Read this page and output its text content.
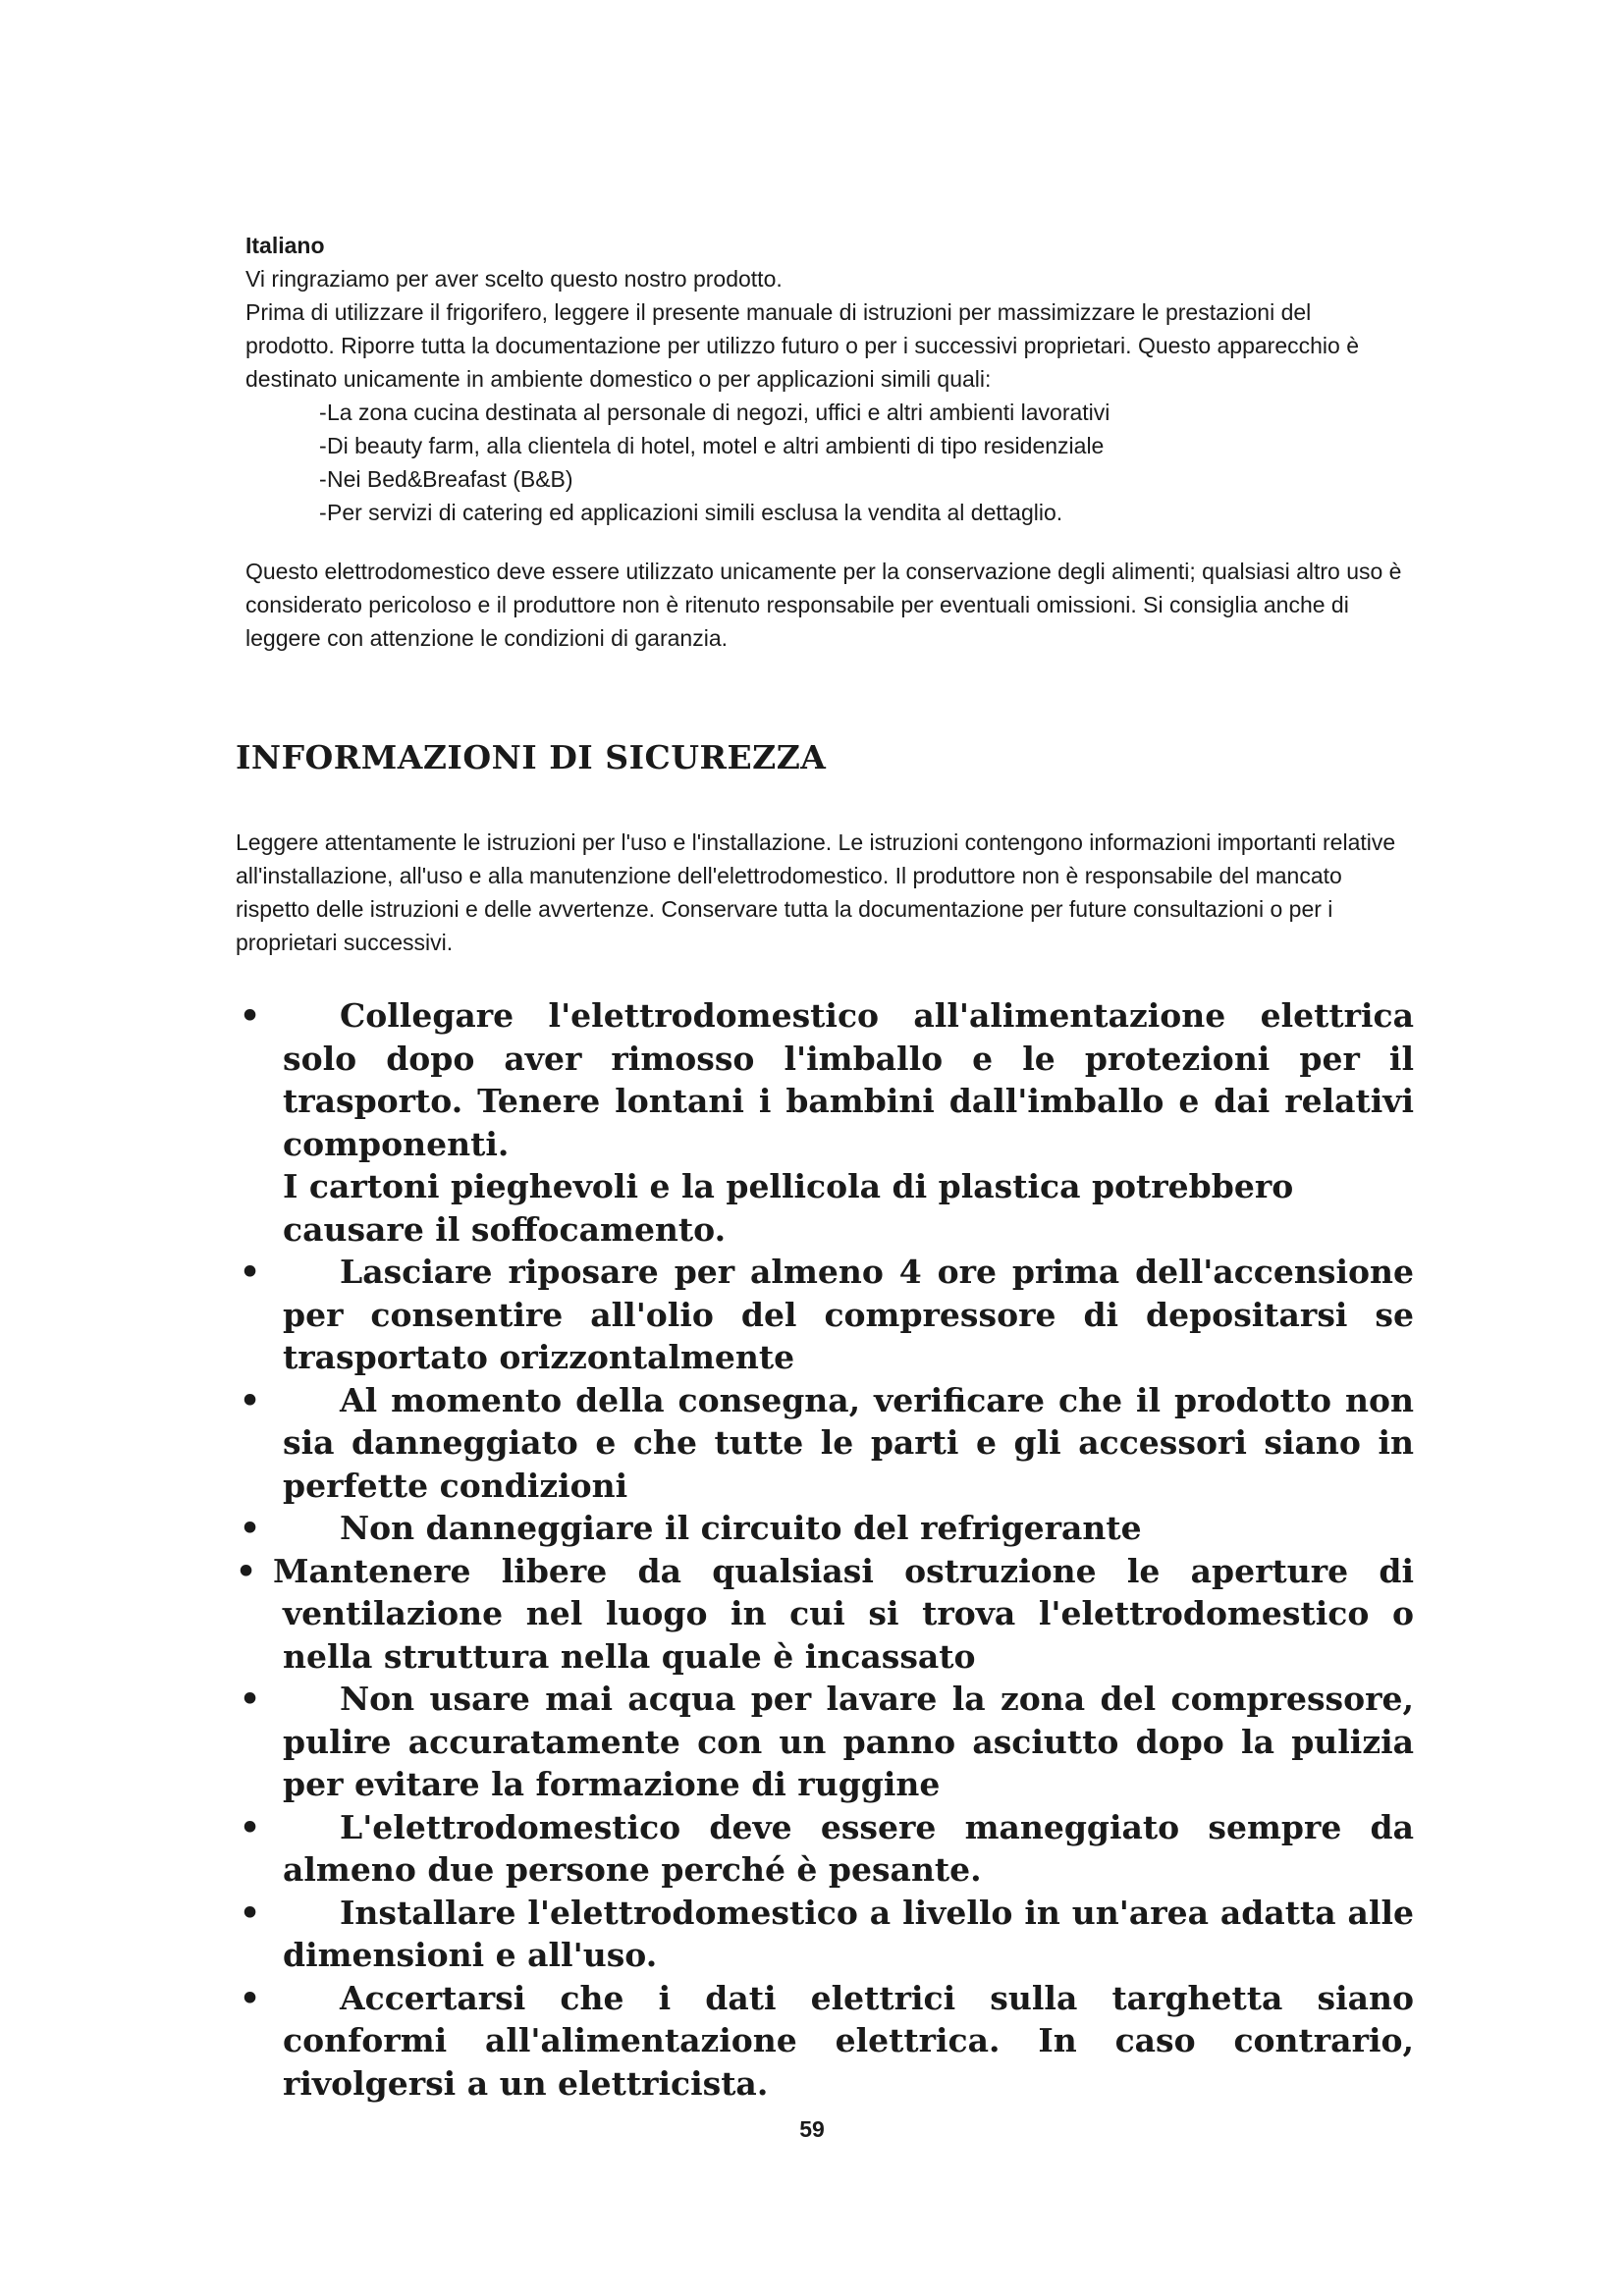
Italiano

Vi ringraziamo per aver scelto questo nostro prodotto.

Prima di utilizzare il frigorifero, leggere il presente manuale di istruzioni per massimizzare le prestazioni del prodotto. Riporre tutta la documentazione per utilizzo futuro o per i successivi proprietari. Questo apparecchio è destinato unicamente in ambiente domestico o per applicazioni simili quali:

-La zona cucina destinata al personale di negozi, uffici e altri ambienti lavorativi
-Di beauty farm, alla clientela di hotel, motel e altri ambienti di tipo residenziale
-Nei Bed&Breafast (B&B)
-Per servizi di catering ed applicazioni simili esclusa la vendita al dettaglio.

Questo elettrodomestico deve essere utilizzato unicamente per la conservazione degli alimenti; qualsiasi altro uso è considerato pericoloso e il produttore non è ritenuto responsabile per eventuali omissioni. Si consiglia anche di leggere con attenzione le condizioni di garanzia.

INFORMAZIONI DI SICUREZZA

Leggere attentamente le istruzioni per l'uso e l'installazione. Le istruzioni contengono informazioni importanti relative all'installazione, all'uso e alla manutenzione dell'elettrodomestico. Il produttore non è responsabile del mancato rispetto delle istruzioni e delle avvertenze. Conservare tutta la documentazione per future consultazioni o per i proprietari successivi.

• Collegare l'elettrodomestico all'alimentazione elettrica solo dopo aver rimosso l'imballo e le protezioni per il trasporto. Tenere lontani i bambini dall'imballo e dai relativi componenti.
I cartoni pieghevoli e la pellicola di plastica potrebbero causare il soffocamento.
• Lasciare riposare per almeno 4 ore prima dell'accensione per consentire all'olio del compressore di depositarsi se trasportato orizzontalmente
• Al momento della consegna, verificare che il prodotto non sia danneggiato e che tutte le parti e gli accessori siano in perfette condizioni
• Non danneggiare il circuito del refrigerante
• Mantenere libere da qualsiasi ostruzione le aperture di ventilazione nel luogo in cui si trova l'elettrodomestico o nella struttura nella quale è incassato
• Non usare mai acqua per lavare la zona del compressore, pulire accuratamente con un panno asciutto dopo la pulizia per evitare la formazione di ruggine
• L'elettrodomestico deve essere maneggiato sempre da almeno due persone perché è pesante.
• Installare l'elettrodomestico a livello in un'area adatta alle dimensioni e all'uso.
• Accertarsi che i dati elettrici sulla targhetta siano conformi all'alimentazione elettrica. In caso contrario, rivolgersi a un elettricista.

59
